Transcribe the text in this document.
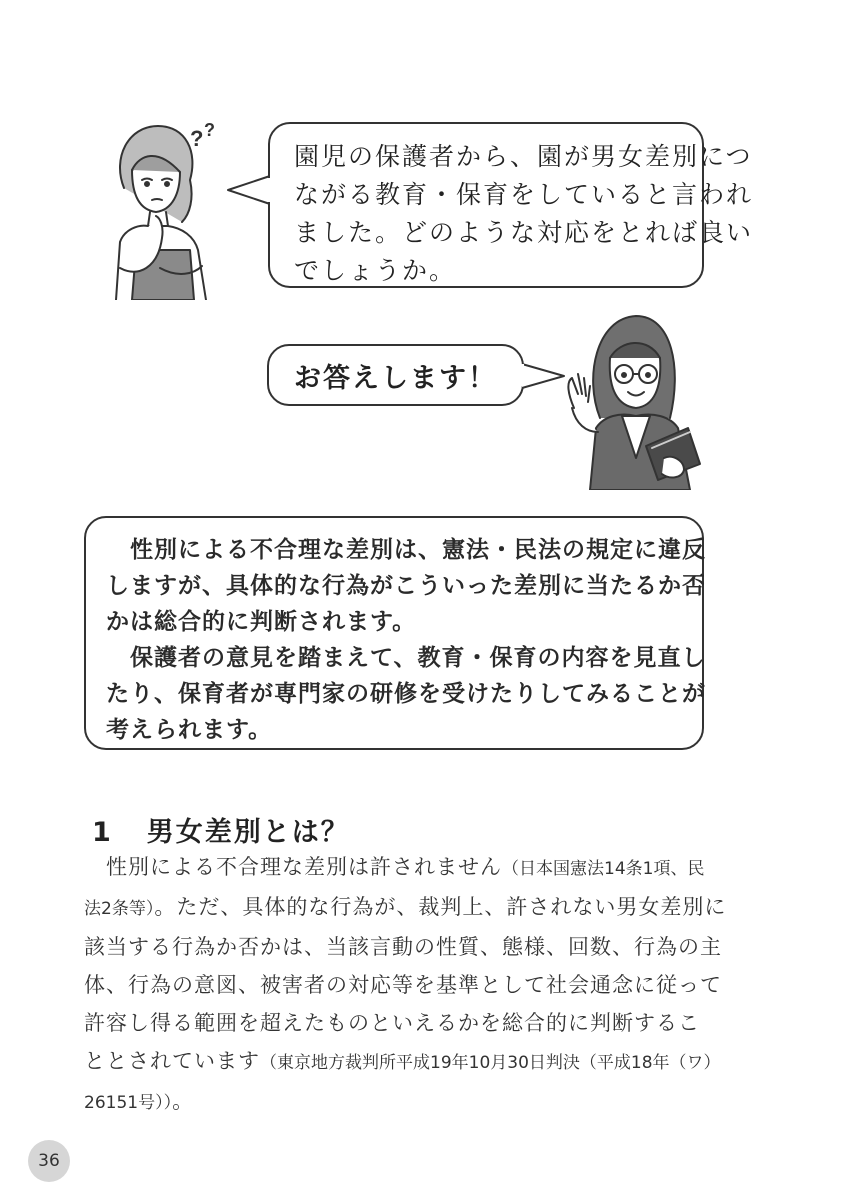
? ?
園児の保護者から、園が男女差別につ
ながる教育・保育をしていると言われ
ました。どのような対応をとれば良い
でしょうか。
お答えします！
　性別による不合理な差別は、憲法・民法の規定に違反
しますが、具体的な行為がこういった差別に当たるか否
かは総合的に判断されます。
　保護者の意見を踏まえて、教育・保育の内容を見直し
たり、保育者が専門家の研修を受けたりしてみることが
考えられます。
1 男女差別とは？
　性別による不合理な差別は許されません（日本国憲法14条1項、民
法2条等）。ただ、具体的な行為が、裁判上、許されない男女差別に
該当する行為か否かは、当該言動の性質、態様、回数、行為の主
体、行為の意図、被害者の対応等を基準として社会通念に従って
許容し得る範囲を超えたものといえるかを総合的に判断するこ
ととされています（東京地方裁判所平成19年10月30日判決（平成18年（ワ）
26151号））。
36
